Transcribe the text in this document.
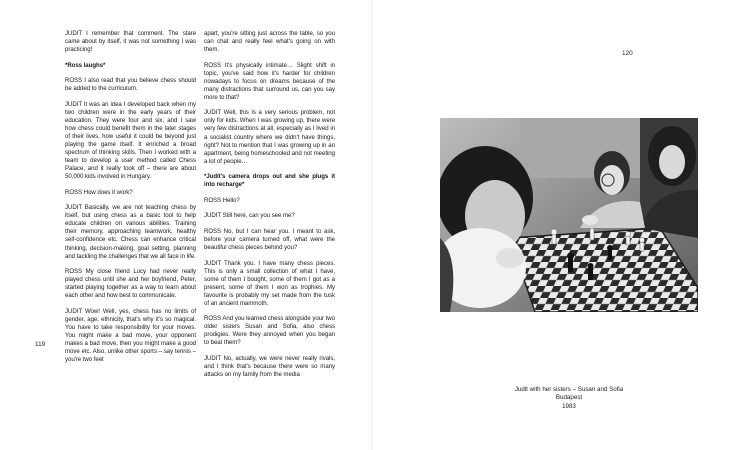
JUDIT I remember that comment. The stare came about by itself, it was not something I was practicing!

*Ross laughs*

ROSS I also read that you believe chess should be added to the curriculum.

JUDIT It was an idea I developed back when my two children were in the early years of their education. They were four and six, and I saw how chess could benefit them in the later stages of their lives, how useful it could be beyond just playing the game itself. It enriched a broad spectrum of thinking skills. Then I worked with a team to develop a user method called Chess Palace, and it really took off – there are about 50,000 kids involved in Hungary.

ROSS How does it work?

JUDIT Basically, we are not teaching chess by itself, but using chess as a basic tool to help educate children on various abilities. Training their memory, approaching teamwork, healthy self-confidence etc. Chess can enhance critical thinking, decision-making, goal setting, planning and tackling the challenges that we all face in life.

ROSS My close friend Lucy had never really played chess until she and her boyfriend, Peter, started playing together as a way to learn about each other and how best to communicate.

JUDIT Wow! Well, yes, chess has no limits of gender, age, ethnicity, that's why it's so magical. You have to take responsibility for your moves. You might make a bad move, your opponent makes a bad move, then you might make a good move etc. Also, unlike other sports – say tennis – you're two feet

apart, you're sitting just across the table, so you can chat and really feel what's going on with them.

ROSS It's physically intimate… Slight shift in topic, you've said how it's harder for children nowadays to focus on dreams because of the many distractions that surround us, can you say more to that?

JUDIT Well, this is a very serious problem, not only for kids. When I was growing up, there were very few distractions at all, especially as I lived in a socialist country where we didn't have things, right? Not to mention that I was growing up in an apartment, being homeschooled and not meeting a lot of people…

*Judit's camera drops out and she plugs it into recharge*

ROSS Hello?

JUDIT Still here, can you see me?

ROSS No, but I can hear you. I meant to ask, before your camera turned off, what were the beautiful chess pieces behind you?

JUDIT Thank you. I have many chess pieces. This is only a small collection of what I have, some of them I bought, some of them I got as a present, some of them I won as trophies. My favourite is probably my set made from the tusk of an ancient mammoth.

ROSS And you learned chess alongside your two older sisters Susan and Sofia, also chess prodigies. Were they annoyed when you began to beat them?

JUDIT No, actually, we were never really rivals, and I think that's because there were so many attacks on my family from the media

119
120
Judit with her sisters – Susan and Sofia
Budapest
1983
